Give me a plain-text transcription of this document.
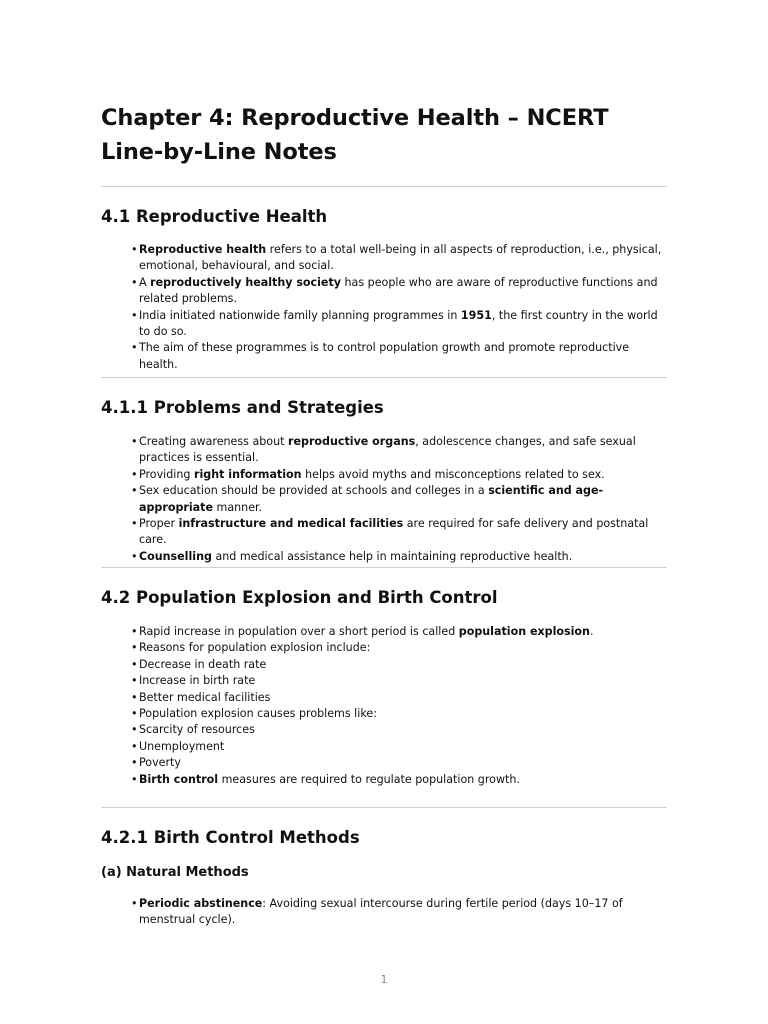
Chapter 4: Reproductive Health – NCERT Line-by-Line Notes
4.1 Reproductive Health
• Reproductive health refers to a total well-being in all aspects of reproduction, i.e., physical, emotional, behavioural, and social.
• A reproductively healthy society has people who are aware of reproductive functions and related problems.
• India initiated nationwide family planning programmes in 1951, the first country in the world to do so.
• The aim of these programmes is to control population growth and promote reproductive health.
4.1.1 Problems and Strategies
• Creating awareness about reproductive organs, adolescence changes, and safe sexual practices is essential.
• Providing right information helps avoid myths and misconceptions related to sex.
• Sex education should be provided at schools and colleges in a scientific and age-appropriate manner.
• Proper infrastructure and medical facilities are required for safe delivery and postnatal care.
• Counselling and medical assistance help in maintaining reproductive health.
4.2 Population Explosion and Birth Control
• Rapid increase in population over a short period is called population explosion.
• Reasons for population explosion include:
• Decrease in death rate
• Increase in birth rate
• Better medical facilities
• Population explosion causes problems like:
• Scarcity of resources
• Unemployment
• Poverty
• Birth control measures are required to regulate population growth.
4.2.1 Birth Control Methods
(a) Natural Methods
• Periodic abstinence: Avoiding sexual intercourse during fertile period (days 10–17 of menstrual cycle).
1
